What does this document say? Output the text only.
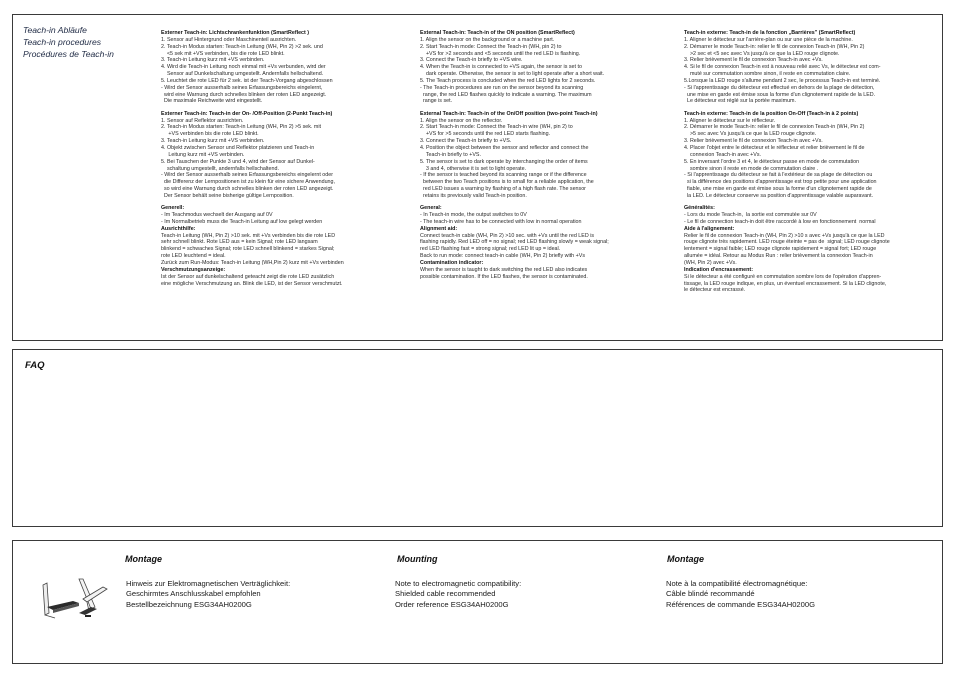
Teach-in Abläufe
Teach-in procedures
Procédures de Teach-in
Externer Teach-in: Lichtschrankenfunktion (SmartReflect )
1. Sensor auf Hintergrund oder Maschinenteil ausrichten.
2. Teach-in Modus starten: Teach-in Leitung (WH, Pin 2) >2 sek. und
<5 sek mit +VS verbinden, bis die rote LED blinkt.
3. Teach-in Leitung kurz mit +VS verbinden.
4. Wird die Teach-in Leitung noch einmal mit +Vs verbunden, wird der
Sensor auf Dunkelschaltung umgestellt. Andernfalls hellschaltend.
5. Leuchtet die rote LED für 2 sek. ist der Teach-Vorgang abgeschlossen
- Wird der Sensor ausserhalb seines Erfassungsbereichs eingelernt,
wird eine Warnung durch schnelles blinken der roten LED angezeigt.
Die maximale Reichweite wird eingestellt.
Externer Teach-in: Teach-in der On- /Off-Position (2-Punkt Teach-in)
1. Sensor auf Reflektor ausrichten.
2. Teach-in Modus starten: Teach-in Leitung (WH, Pin 2) >5 sek. mit
+VS verbinden bis die rote LED blinkt.
3. Teach-in Leitung kurz mit +VS verbinden.
4. Objekt zwischen Sensor und Reflektor platzieren und Teach-in
Leitung kurz mit +VS verbinden.
5. Bei Tauschen der Punkte 3 und 4, wird der Sensor auf Dunkel-
schaltung umgestellt, andernfalls hellschaltend.
- Wird der Sensor ausserhalb seines Erfassungsbereichs eingelernt oder
die Differenz der Lernpositionen ist zu klein für eine sichere Anwendung,
so wird eine Warnung durch schnelles blinken der roten LED angezeigt.
Der Sensor behält seine bisherige gültige Lernposition.
Generell:
- Im Teachmodus wechselt der Ausgang auf 0V
- Im Normalbetrieb muss die Teach-in Leitung auf low gelegt werden
Ausrichthilfe:
Teach-in Leitung (WH, Pin 2) >10 sek. mit +Vs verbinden bis die rote LED
sehr schnell blinkt. Rote LED aus = kein Signal; rote LED langsam
blinkend = schwaches Signal; rote LED schnell blinkend = starkes Signal;
rote LED leuchtend = ideal.
Zurück zum Run-Modus: Teach-in Leitung (WH,Pin 2) kurz mit +Vs verbinden
Verschmutzungsanzeige:
Ist der Sensor auf dunkelschaltend geteacht zeigt die rote LED zusätzlich
eine mögliche Verschmutzung an. Blink die LED, ist der Sensor verschmutzt.
External Teach-in: Teach-in of the ON position (SmartReflect)
1. Align the sensor on the background or a machine part.
2. Start Teach-in mode: Connect the Teach-in (WH, pin 2) to
+VS for >2 seconds and <5 seconds until the red LED is flashing.
3. Connect the Teach-in briefly to +VS wire.
4. When the Teach-in is connected to +VS again, the sensor is set to
dark operate. Otherwise, the sensor is set to light operate after a short wait.
5. The Teach process is concluded when the red LED lights for 2 seconds.
- The Teach-in procedures are run on the sensor beyond its scanning
range, the red LED flashes quickly to indicate a warning. The maximum
range is set.
External Teach-in: Teach-in of the On/Off position (two-point Teach-in)
1. Align the sensor on the reflector.
2. Start Teach-in mode: Connect the Teach-in wire (WH, pin 2) to
+VS for >5 seconds until the red LED starts flashing.
3. Connect the Teach-in briefly to +VS.
4. Position the object between the sensor and reflector and connect the
Teach-in briefly to +VS.
5. The sensor is set to dark operate by interchanging the order of items
3 and 4, otherwise it is set to light operate.
- If the sensor is teached beyond its scanning range or if the difference
between the two Teach positions is to small for a reliable application, the
red LED issues a warning by flashing of a high flash rate. The sensor
retains its previously valid Teach-in position.
General:
- In Teach-in mode, the output switches to 0V
- The teach-in wire has to be connected with low in normal operation
Alignment aid:
Connect teach-in cable (WH, Pin 2) >10 sec. with +Vs until the red LED is
flashing rapidly. Red LED off = no signal; red LED flashing slowly = weak signal;
red LED flashing fast = strong signal; red LED lit up = ideal.
Back to run mode: connect teach-in cable (WH, Pin 2) briefly with +Vs
Contamination indicator:
When the sensor is taught to dark switching the red LED also indicates
possible contamination. If the LED flashes, the sensor is contaminated.
Teach-in externe: Teach-in de la fonction „Barrières" (SmartReflect)
1. Aligner le détecteur sur l'arrière-plan ou sur une pièce de la machine.
2. Démarrer le mode Teach-in: relier le fil de connexion Teach-in (WH, Pin 2)
>2 sec et <5 sec avec Vs jusqu'à ce que la LED rouge clignote.
3. Relier brièvement le fil de connexion Teach-in avec +Vs.
4. Si le fil de connexion Teach-in est à nouveau relié avec Vs, le détecteur est com-
muté sur commutation sombre sinon, il reste en commutation claire.
5.Lorsque la LED rouge s'allume pendant 2 sec, le processus Teach-in est terminé.
- Si l'apprentissage du détecteur est effectué en dehors de la plage de détection,
une mise en garde est émise sous la forme d'un clignotement rapide de la LED.
Le détecteur est réglé sur la portée maximum.
Teach-in externe: Teach-in de la position On-Off (Teach-in à 2 points)
1. Aligner le détecteur sur le réflecteur.
2. Démarrer le mode Teach-in: relier le fil de connexion Teach-in (WH, Pin 2)
>5 sec avec Vs jusqu'à ce que la LED rouge clignote.
3. Relier brièvement le fil de connexion Teach-in avec +Vs.
4. Placer l'objet entre le détecteur et le réflecteur et relier brièvement le fil de
connexion Teach-in avec +Vs.
5. En inversant l'ordre 3 et 4, le détecteur passe en mode de commutation
sombre sinon il reste en mode de commutation claire .
- Si l'apprentissage du détecteur se fait à l'extérieur de sa plage de détection ou
si la différence des positions d'apprentissage est trop petite pour une application
fiable, une mise en garde est émise sous la forme d'un clignotement rapide de
la LED. Le détecteur conserve sa position d'apprentissage valable auparavant.
Généralités:
- Lors du mode Teach-in,  la sortie est commutée sur 0V
- Le fil de connection teach-in doit être raccordé à low en fonctionnement  normal
Aide à l'alignement:
Relier le fil de connexion Teach-in (WH, Pin 2) >10 s avec +Vs jusqu'à ce que la LED
rouge clignote très rapidement. LED rouge éteinte = pas de  signal; LED rouge clignote
lentement = signal faible; LED rouge clignote rapidement = signal fort; LED rouge
allumée = idéal. Retour au Modus Run : relier brièvement la connexion Teach-in
(WH, Pin 2) avec +Vs.
Indication d'encrassement:
Si le détecteur a été configuré en commutation sombre lors de l'opération d'appren-
tissage, la LED rouge indique, en plus, un éventuel encrassement. Si la LED clignote,
le détecteur est encrassé.
FAQ
Montage
Hinweis zur Elektromagnetischen Verträglichkeit:
Geschirmtes Anschlusskabel empfohlen
Bestellbezeichnung ESG34AH0200G
Mounting
Note to electromagnetic compatibility:
Shielded cable recommended
Order reference ESG34AH0200G
Montage
Note à la compatibilité électromagnétique:
Câble blindé recommandé
Références de commande ESG34AH0200G
